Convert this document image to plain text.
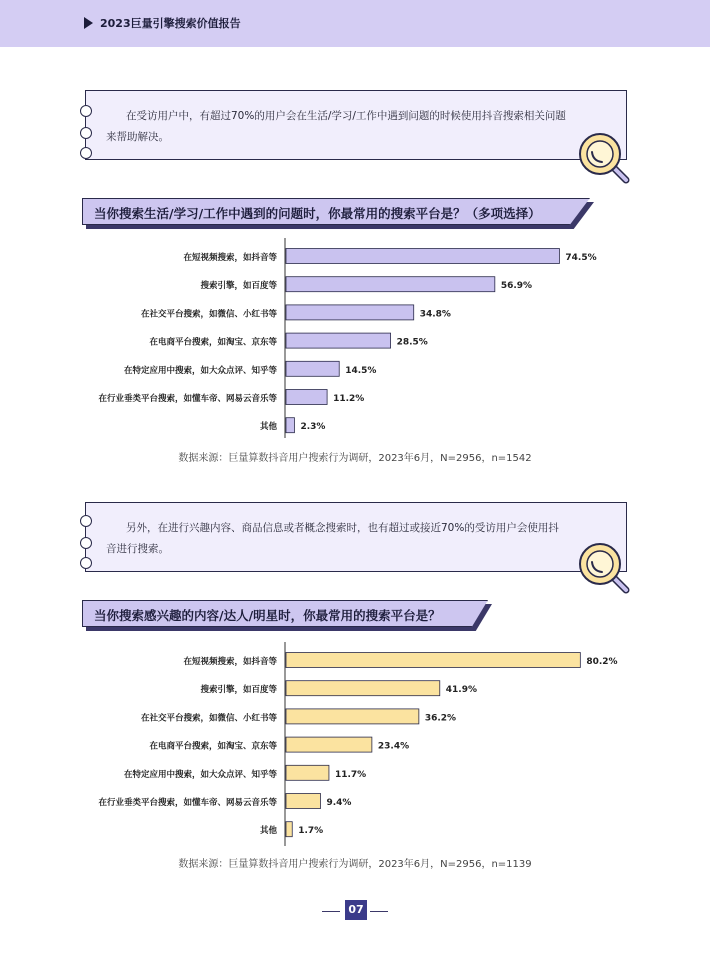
2023巨量引擎搜索价值报告
在受访用户中，有超过70%的用户会在生活/学习/工作中遇到问题的时候使用抖音搜索相关问题来帮助解决。
当你搜索生活/学习/工作中遇到的问题时，你最常用的搜索平台是？（多项选择）
在短视频搜索，如抖音等	74.5%
搜索引擎，如百度等	56.9%
在社交平台搜索，如微信、小红书等	34.8%
在电商平台搜索，如淘宝、京东等	28.5%
在特定应用中搜索，如大众点评、知乎等	14.5%
在行业垂类平台搜索，如懂车帝、网易云音乐等	11.2%
其他	2.3%
数据来源：巨量算数抖音用户搜索行为调研，2023年6月，N=2956，n=1542
另外，在进行兴趣内容、商品信息或者概念搜索时，也有超过或接近70%的受访用户会使用抖音进行搜索。
当你搜索感兴趣的内容/达人/明星时，你最常用的搜索平台是？
在短视频搜索，如抖音等	80.2%
搜索引擎，如百度等	41.9%
在社交平台搜索，如微信、小红书等	36.2%
在电商平台搜索，如淘宝、京东等	23.4%
在特定应用中搜索，如大众点评、知乎等	11.7%
在行业垂类平台搜索，如懂车帝、网易云音乐等	9.4%
其他 1.7%
数据来源：巨量算数抖音用户搜索行为调研，2023年6月，N=2956，n=1139
07
